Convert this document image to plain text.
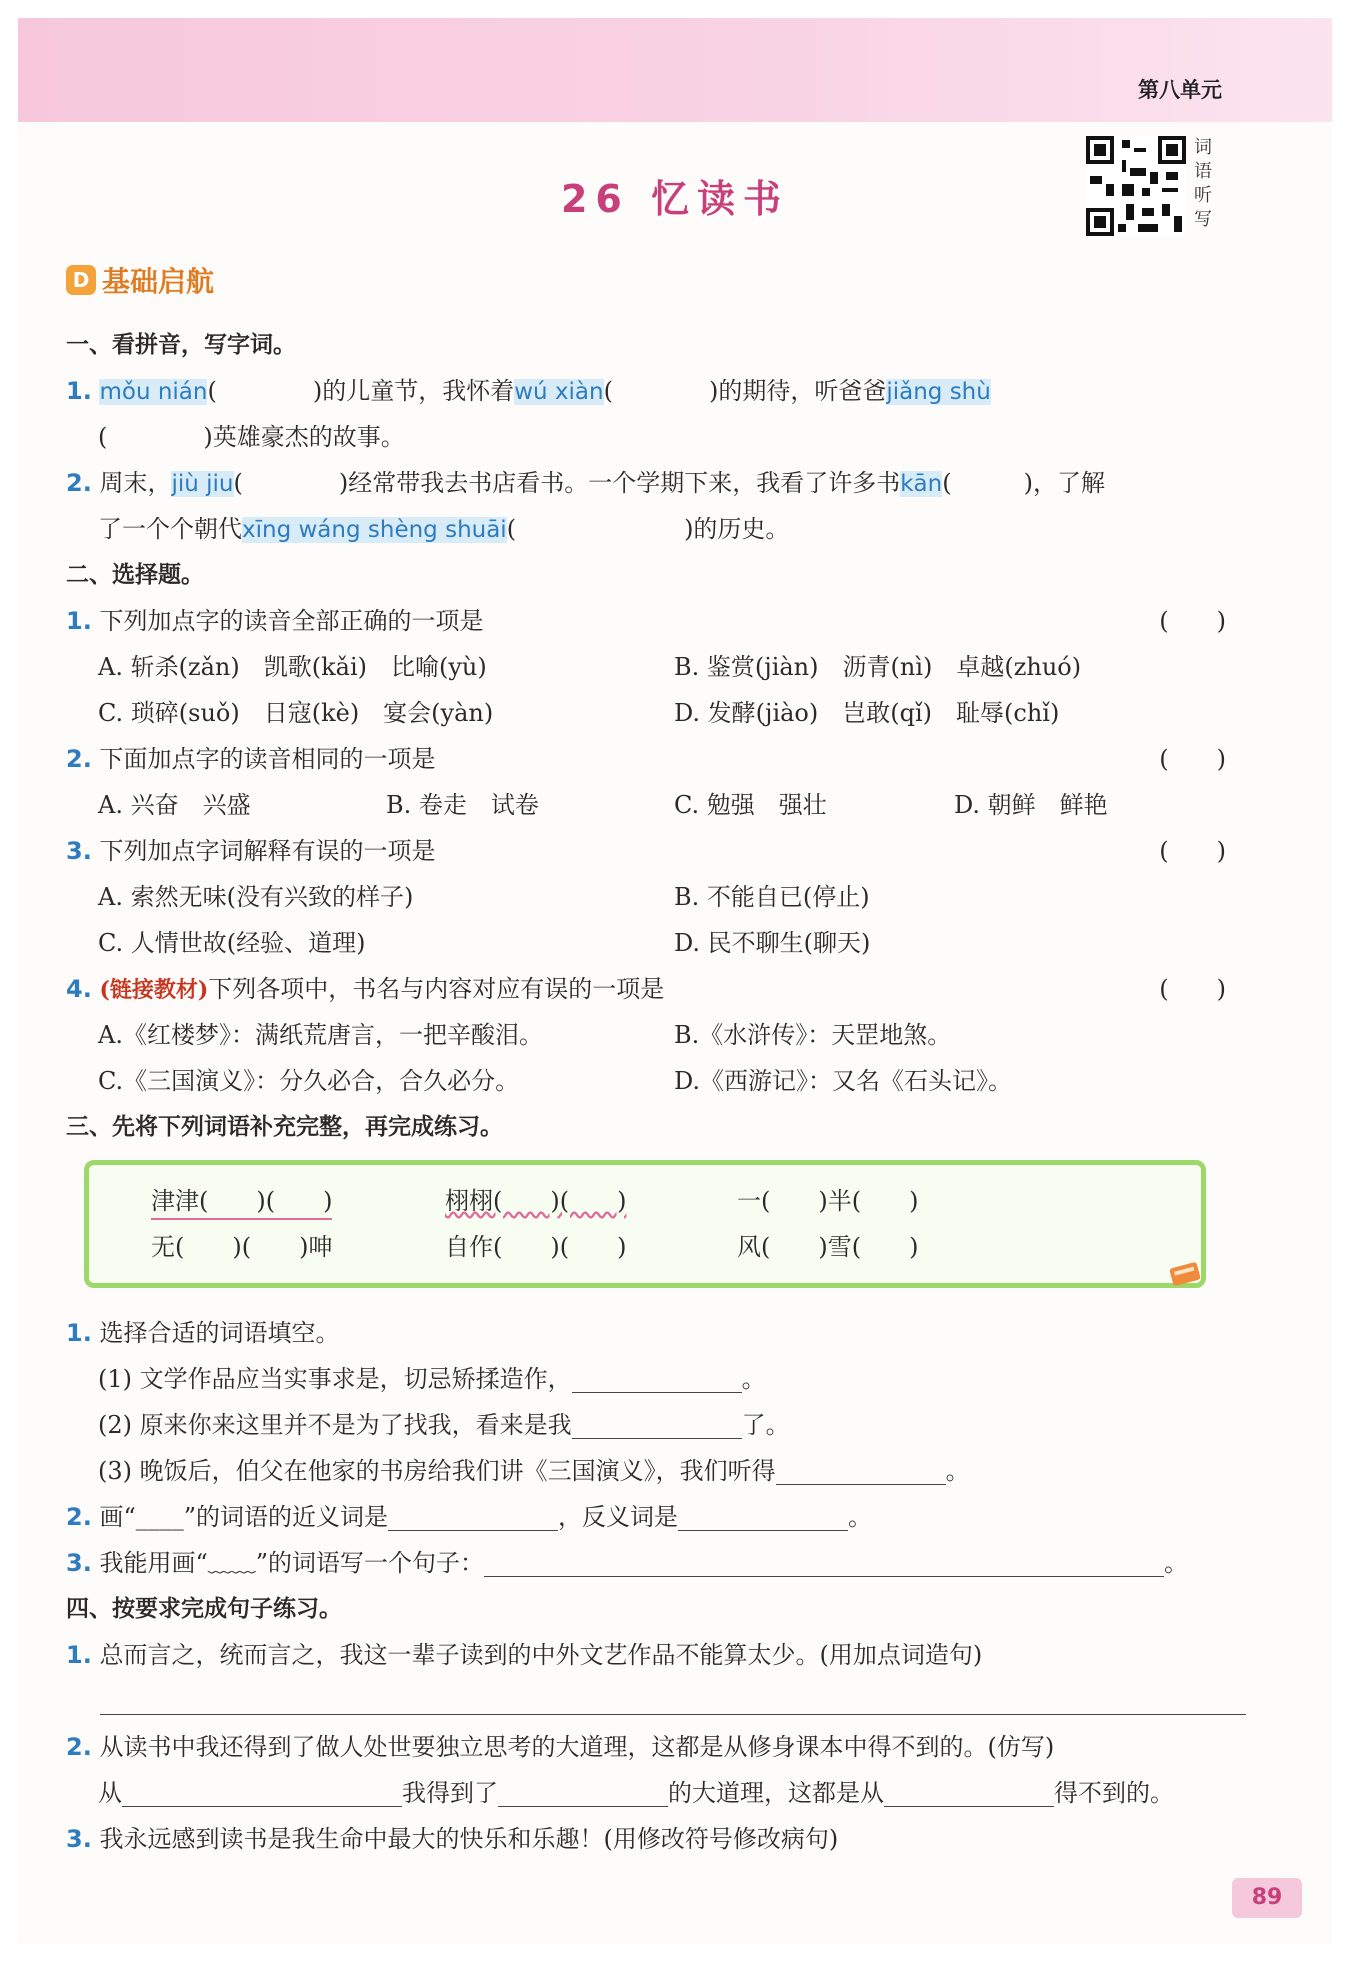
第八单元
26 忆读书
词语听写
D 基础启航
一、看拼音，写字词。
1. mǒu nián(　　　　)的儿童节，我怀着wú xiàn(　　　　)的期待，听爸爸jiǎng shù
(　　　　)英雄豪杰的故事。
2. 周末，jiù jiu(　　　　)经常带我去书店看书。一个学期下来，我看了许多书kān(　　　)，了解
了一个个朝代xīng wáng shèng shuāi(　　　　　　　)的历史。
二、选择题。
1. 下列加点字的读音全部正确的一项是	(　　)
A. 斩杀(zǎn)　凯歌(kǎi)　比喻(yù)	B. 鉴赏(jiàn)　沥青(nì)　卓越(zhuó)
C. 琐碎(suǒ)　日寇(kè)　宴会(yàn)	D. 发酵(jiào)　岂敢(qǐ)　耻辱(chǐ)
2. 下面加点字的读音相同的一项是	(　　)
A. 兴奋　兴盛	B. 卷走　试卷	C. 勉强　强壮	D. 朝鲜　鲜艳
3. 下列加点字词解释有误的一项是	(　　)
A. 索然无味(没有兴致的样子)	B. 不能自已(停止)
C. 人情世故(经验、道理)	D. 民不聊生(聊天)
4. (链接教材)下列各项中，书名与内容对应有误的一项是	(　　)
A.《红楼梦》：满纸荒唐言，一把辛酸泪。	B.《水浒传》：天罡地煞。
C.《三国演义》：分久必合，合久必分。	D.《西游记》：又名《石头记》。
三、先将下列词语补充完整，再完成练习。
津津(　　)(　　)	栩栩(　　)(　　)	一(　　)半(　　)
无(　　)(　　)呻	自作(　　)(　　)	风(　　)雪(　　)
1. 选择合适的词语填空。
(1) 文学作品应当实事求是，切忌矫揉造作，	。
(2) 原来你来这里并不是为了找我，看来是我	了。
(3) 晚饭后，伯父在他家的书房给我们讲《三国演义》，我们听得	。
2. 画“____”的词语的近义词是	，反义词是	。
3. 我能用画“﹏﹏”的词语写一个句子：	。
四、按要求完成句子练习。
1. 总而言之，统而言之，我这一辈子读到的中外文艺作品不能算太少。(用加点词造句)
2. 从读书中我还得到了做人处世要独立思考的大道理，这都是从修身课本中得不到的。(仿写)
从	我得到了	的大道理，这都是从	得不到的。
3. 我永远感到读书是我生命中最大的快乐和乐趣！(用修改符号修改病句)
89
